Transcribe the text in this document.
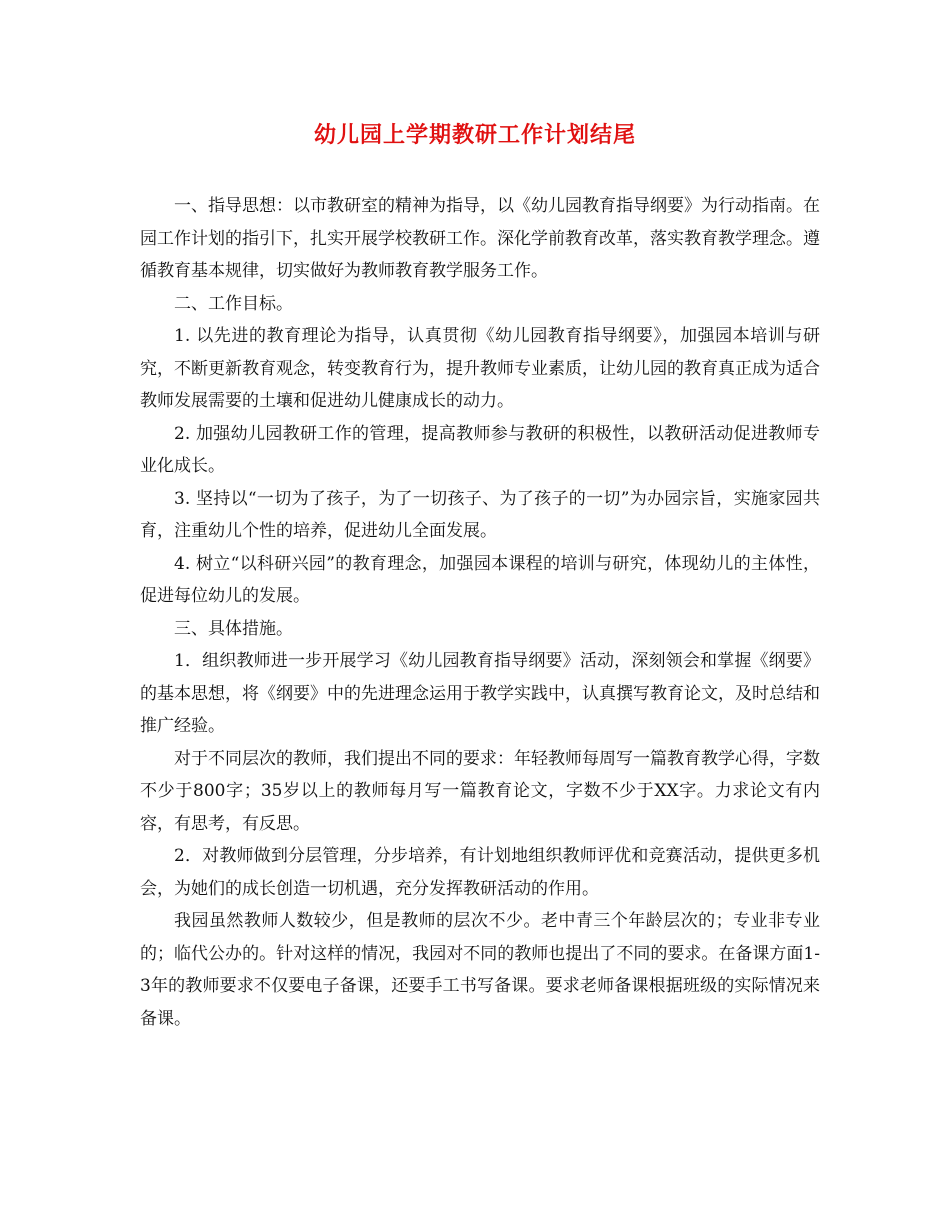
幼儿园上学期教研工作计划结尾

一、指导思想：以市教研室的精神为指导，以《幼儿园教育指导纲要》为行动指南。在园工作计划的指引下，扎实开展学校教研工作。深化学前教育改革，落实教育教学理念。遵循教育基本规律，切实做好为教师教育教学服务工作。

二、工作目标。

1. 以先进的教育理论为指导，认真贯彻《幼儿园教育指导纲要》，加强园本培训与研究，不断更新教育观念，转变教育行为，提升教师专业素质，让幼儿园的教育真正成为适合教师发展需要的土壤和促进幼儿健康成长的动力。

2. 加强幼儿园教研工作的管理，提高教师参与教研的积极性，以教研活动促进教师专业化成长。

3. 坚持以“一切为了孩子，为了一切孩子、为了孩子的一切”为办园宗旨，实施家园共育，注重幼儿个性的培养，促进幼儿全面发展。

4. 树立“以科研兴园”的教育理念，加强园本课程的培训与研究，体现幼儿的主体性，促进每位幼儿的发展。

三、具体措施。

1．组织教师进一步开展学习《幼儿园教育指导纲要》活动，深刻领会和掌握《纲要》的基本思想，将《纲要》中的先进理念运用于教学实践中，认真撰写教育论文，及时总结和推广经验。

对于不同层次的教师，我们提出不同的要求：年轻教师每周写一篇教育教学心得，字数不少于800字；35岁以上的教师每月写一篇教育论文，字数不少于XX字。力求论文有内容，有思考，有反思。

2．对教师做到分层管理，分步培养，有计划地组织教师评优和竞赛活动，提供更多机会，为她们的成长创造一切机遇，充分发挥教研活动的作用。

我园虽然教师人数较少，但是教师的层次不少。老中青三个年龄层次的；专业非专业的；临代公办的。针对这样的情况，我园对不同的教师也提出了不同的要求。在备课方面1-3年的教师要求不仅要电子备课，还要手工书写备课。要求老师备课根据班级的实际情况来备课。
